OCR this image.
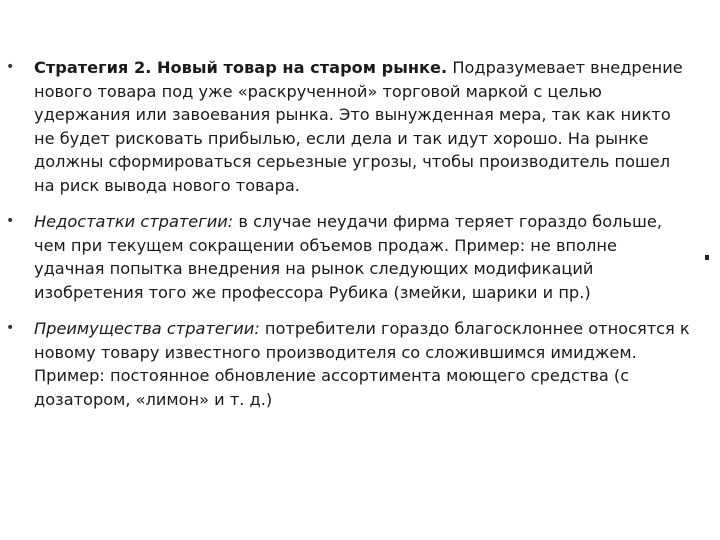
• Стратегия 2. Новый товар на старом рынке. Подразумевает внедрение нового товара под уже «раскрученной» торговой маркой с целью удержания или завоевания рынка. Это вынужденная мера, так как никто не будет рисковать прибылью, если дела и так идут хорошо. На рынке должны сформироваться серьезные угрозы, чтобы производитель пошел на риск вывода нового товара.
• Недостатки стратегии: в случае неудачи фирма теряет гораздо больше, чем при текущем сокращении объемов продаж. Пример: не вполне удачная попытка внедрения на рынок следующих модификаций изобретения того же профессора Рубика (змейки, шарики и пр.)
• Преимущества стратегии: потребители гораздо благосклоннее относятся к новому товару известного производителя со сложившимся имиджем. Пример: постоянное обновление ассортимента моющего средства (с дозатором, «лимон» и т. д.)
